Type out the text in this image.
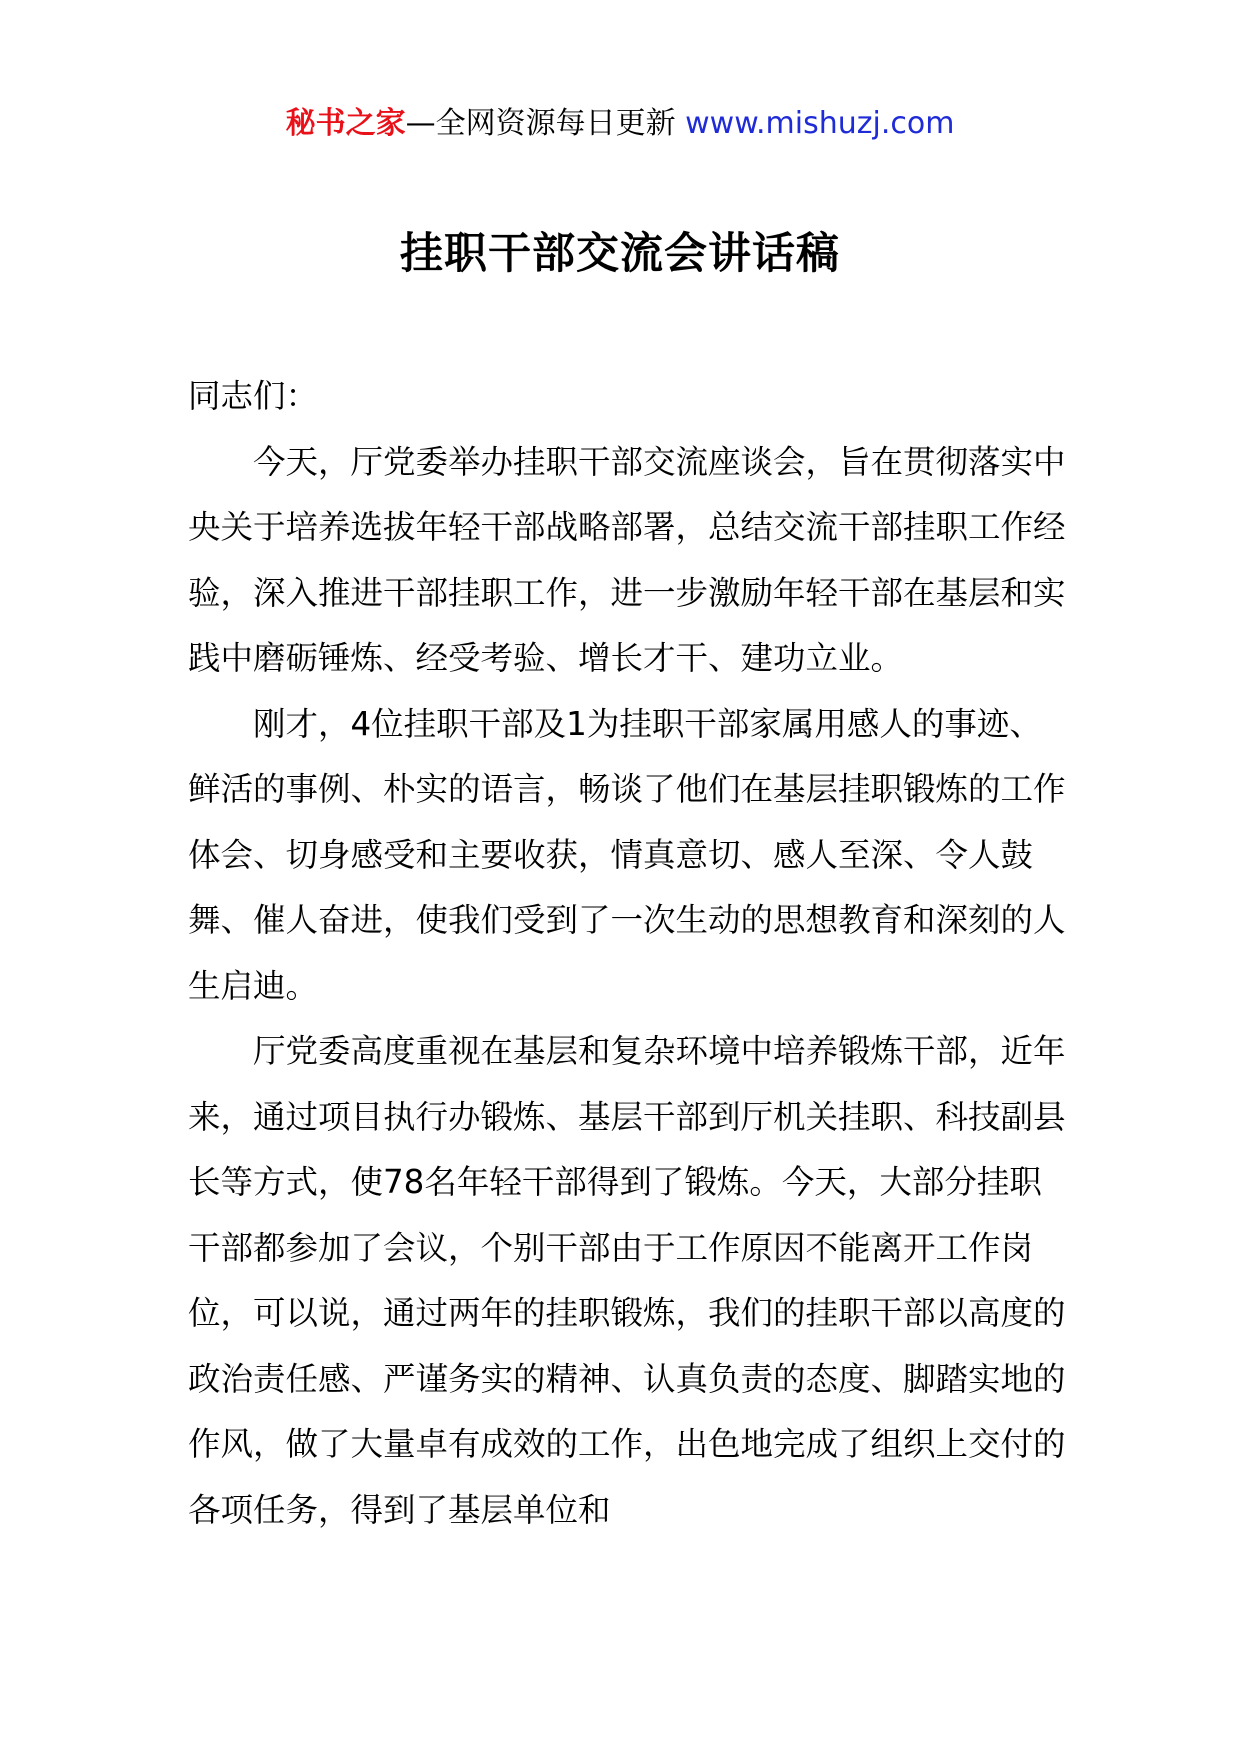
秘书之家—全网资源每日更新 www.mishuzj.com
挂职干部交流会讲话稿

同志们：

今天，厅党委举办挂职干部交流座谈会，旨在贯彻落实中央关于培养选拔年轻干部战略部署，总结交流干部挂职工作经验，深入推进干部挂职工作，进一步激励年轻干部在基层和实践中磨砺锤炼、经受考验、增长才干、建功立业。

刚才，4位挂职干部及1为挂职干部家属用感人的事迹、鲜活的事例、朴实的语言，畅谈了他们在基层挂职锻炼的工作体会、切身感受和主要收获，情真意切、感人至深、令人鼓舞、催人奋进，使我们受到了一次生动的思想教育和深刻的人生启迪。

厅党委高度重视在基层和复杂环境中培养锻炼干部，近年来，通过项目执行办锻炼、基层干部到厅机关挂职、科技副县长等方式，使78名年轻干部得到了锻炼。今天，大部分挂职干部都参加了会议，个别干部由于工作原因不能离开工作岗位，可以说，通过两年的挂职锻炼，我们的挂职干部以高度的政治责任感、严谨务实的精神、认真负责的态度、脚踏实地的作风，做了大量卓有成效的工作，出色地完成了组织上交付的各项任务，得到了基层单位和
